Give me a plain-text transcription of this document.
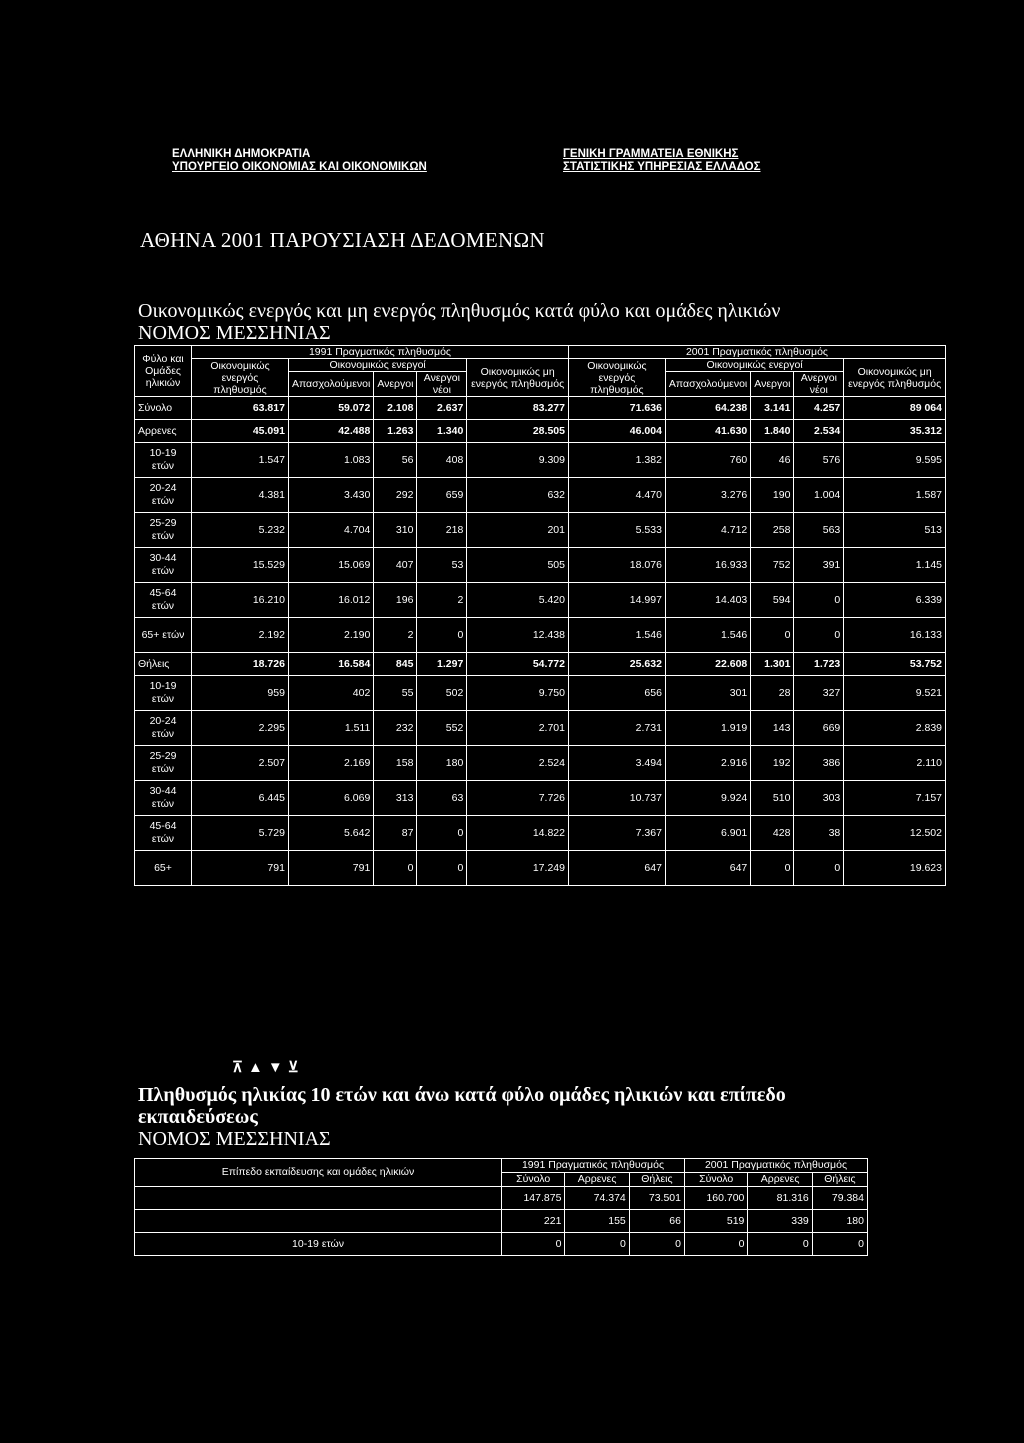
ΕΛΛΗΝΙΚΗ ΔΗΜΟΚΡΑΤΙΑ
ΥΠΟΥΡΓΕΙΟ ΟΙΚΟΝΟΜΙΑΣ ΚΑΙ ΟΙΚΟΝΟΜΙΚΩΝ
ΓΕΝΙΚΗ ΓΡΑΜΜΑΤΕΙΑ ΕΘΝΙΚΗΣ
ΣΤΑΤΙΣΤΙΚΗΣ ΥΠΗΡΕΣΙΑΣ ΕΛΛΑΔΟΣ
ΑΘΗΝΑ 2001 ΠΑΡΟΥΣΙΑΣΗ ΔΕΔΟΜΕΝΩΝ
Οικονομικώς ενεργός και μη ενεργός πληθυσμός κατά φύλο και ομάδες ηλικιών
ΝΟΜΟΣ ΜΕΣΣΗΝΙΑΣ
Φύλο και Ομάδες ηλικιών	1991 Πραγματικός πληθυσμός					2001 Πραγματικός πληθυσμός				
	Οικονομικώς ενεργός πληθυσμός	Οικονομικώς ενεργοί			Οικονομικώς μη ενεργός πληθυσμός	Οικονομικώς ενεργός πληθυσμός	Οικονομικώς ενεργοί			Οικονομικώς μη ενεργός πληθυσμός
		Απασχολούμενοι	Ανεργοι	Ανεργοι νέοι			Απασχολούμενοι	Ανεργοι	Ανεργοι νέοι	
Σύνολο	63.817	59.072	2.108	2.637	83.277	71.636	64.238	3.141	4.257	89 064
Αρρενες	45.091	42.488	1.263	1.340	28.505	46.004	41.630	1.840	2.534	35.312
10-19 ετών	1.547	1.083	56	408	9.309	1.382	760	46	576	9.595
20-24 ετών	4.381	3.430	292	659	632	4.470	3.276	190	1.004	1.587
25-29 ετών	5.232	4.704	310	218	201	5.533	4.712	258	563	513
30-44 ετών	15.529	15.069	407	53	505	18.076	16.933	752	391	1.145
45-64 ετών	16.210	16.012	196	2	5.420	14.997	14.403	594	0	6.339
65+ ετών	2.192	2.190	2	0	12.438	1.546	1.546	0	0	16.133
Θήλεις	18.726	16.584	845	1.297	54.772	25.632	22.608	1.301	1.723	53.752
10-19 ετών	959	402	55	502	9.750	656	301	28	327	9.521
20-24 ετών	2.295	1.511	232	552	2.701	2.731	1.919	143	669	2.839
25-29 ετών	2.507	2.169	158	180	2.524	3.494	2.916	192	386	2.110
30-44 ετών	6.445	6.069	313	63	7.726	10.737	9.924	510	303	7.157
45-64 ετών	5.729	5.642	87	0	14.822	7.367	6.901	428	38	12.502
65+	791	791	0	0	17.249	647	647	0	0	19.623
⊼▲▼⊻
Πληθυσμός ηλικίας 10 ετών και άνω κατά φύλο ομάδες ηλικιών και επίπεδο εκπαιδεύσεως
ΝΟΜΟΣ ΜΕΣΣΗΝΙΑΣ
Επίπεδο εκπαίδευσης και ομάδες ηλικιών	1991 Πραγματικός πληθυσμός			2001 Πραγματικός πληθυσμός		
	Σύνολο	Αρρενες	Θήλεις	Σύνολο	Αρρενες	Θήλεις
	147.875	74.374	73.501	160.700	81.316	79.384
	221	155	66	519	339	180
10-19 ετών	0	0	0	0	0	0
